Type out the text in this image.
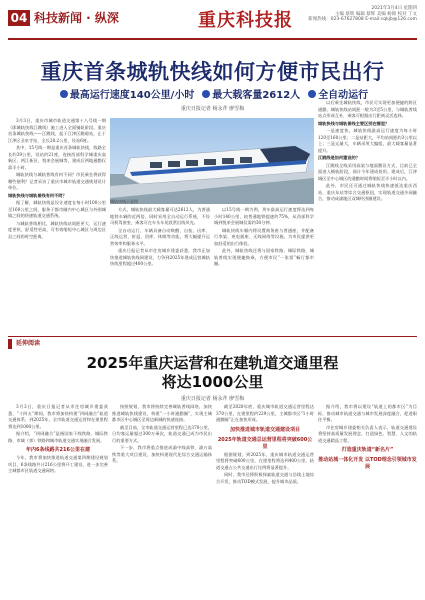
04 科技新闻 · 纵深	重庆科技报
2021年3月4日 星期四
主编 蔡辉 编辑 蔡辉 美编 杨锦 校对 丁文
新闻热线：023-67627808 E-mail:cqkjb@126.com
重庆首条城轨快线如何方便市民出行
最高运行速度140公里/小时 最大载客量2612人 全自动运行
重庆日报记者 杨永芹 廖雪梅

3月3日，重庆市城市轨道交通第十八号线一期（即城轨快线江跳线）施工进入全面铺轨阶段。重庆首条城轨快线——江跳线，起于江津区跳磴站，止于江津区圣泉寺站，全长28.2公里，设站6座。

其中，15号线一期是重庆首条城轨快线，线路全长约39公里，设站约21座，连接西部科学城重庆高新区、两江新区、悦来会展城等，建成后两地通勤仅需半小时。

城轨快线与城轨普线有何不同？市民乘坐将获得哪些便利？记者采访了重庆市城市轨道交通规划设计单位。

城轨快线与城轨普线有何不同？

据了解，城轨快线是设计速度在每小时100公里至160公里之间，服务于都市圈内中心城区与外围城镇之间的快速轨道交通系统。

与城轨普线相比，城轨快线站间距更大、运行速度更快、舒适性更高，可有效缩短中心城区与周边区县之间的时空距离。

城轨快线示意图

方式，城轨快线最大载客量可达2612人，为普通地铁车辆的近两倍，同时采用全自动运行系统，不设司机驾驶室，乘客可在车头车尾欣赏沿线风光。

全自动运行，车辆具备自动唤醒、自检、出库、正线运营、折返、回库、休眠等功能，将大幅提升运营效率和服务水平。

重庆日报记者从市住房城乡建委获悉，我市正加快推进城轨快线网建设，力争到2025年建成运营城轨快线里程超过400公里。

以15号线一期为例，列车最高运行速度将达到每小时140公里，较普通地铁提速约75%，从西部科学城到悦来会展城仅需约30分钟。

城轨快线车厢内将设置商务座与普通座，并配备行李架、充电插座、无线网络等设施，为市民提供更加舒适的出行体验。

此外，城轨快线还将与国家铁路、城际铁路、城轨普线实现便捷换乘，方便市民“一张票”畅行都市圈。

以后乘坐城轨快线，市民可实现更加便捷的跨区通勤。城轨快线站间距一般为3至5公里，与城轨普线站点形成互补，乘客可根据出行距离灵活选择。

城轨快线与城轨普线主要区别在哪里？

一是速度快，城轨快线最高运行速度为每小时120至160公里；二是站距大，平均站间距约3公里以上；三是运量大，车辆采用大编组，最大载客量显著提升。

江跳线是如何建设的？

江跳线全线采用高架与地面敷设方式，目前已全面进入铺轨阶段，预计今年建成投用。建成后，江津城区至中心城区的通勤时间将缩短至半小时以内。

此外，市民还可通过城轨快线快速抵达重庆西站、重庆东站等综合交通枢纽，实现轨道交通多网融合，推动成渝地区双城经济圈建设。

延伸阅读
2025年重庆运营和在建轨道交通里程
将达1000公里
重庆日报记者 杨永芹 廖雪梅

3月3日，重庆日报记者从市住房城乡建委获悉，“十四五”期间，我市将加快构建“四网融合”轨道交通体系，到2025年，全市轨道交通运营和在建里程将达到1000公里。

据介绍，“四网融合”是指国家干线铁路、城际铁路、市域（郊）铁路和城市轨道交通实现融合发展。

年内6条线路共216公里在建

今年，我市将加快推进轨道交通第四期建设规划项目，6条线路共计216公里将开工建设，进一步完善主城都市区轨道交通网络。

按照规划，我市将持续完善城轨普线网络，加快推进城轨快线建设，构建“一小时通勤圈”，实现主城都市区中心城区至周边新城的快速连接。

截至目前，全市轨道交通运营里程已达370公里，日均客运量超过300万乘次，轨道交通已成为市民出行的重要方式。

下一步，我市将重点推进成渝中线高铁、渝万高铁等重大项目建设，加快构建现代化综合交通运输体系。

截至2020年底，重庆城市轨道交通运营里程达370公里，在建里程约229公里，主城都市区“1小时通勤圈”正在加快形成。

加快推进城市轨道交通建设项目

2025年轨道交通总运营里程将突破600公里

根据规划，到2025年，重庆城市轨道交通运营里程将突破600公里，在建里程将达到400公里，轨道交通占公共交通出行比例将显著提升。

同时，我市还将积极探索轨道交通与沿线土地综合开发，推动TOD模式发展，提升城市品质。

据介绍，我市将以建设“轨道上的都市区”为目标，推动城市轨道交通与城市发展深度融合，促进职住平衡。

市住房城乡建委相关负责人表示，轨道交通建设将坚持高质量发展理念，打造绿色、智慧、人文的轨道交通精品工程。

打造重庆轨道“新名片”

推动站城一体化开发 以TOD理念引领城市发展
